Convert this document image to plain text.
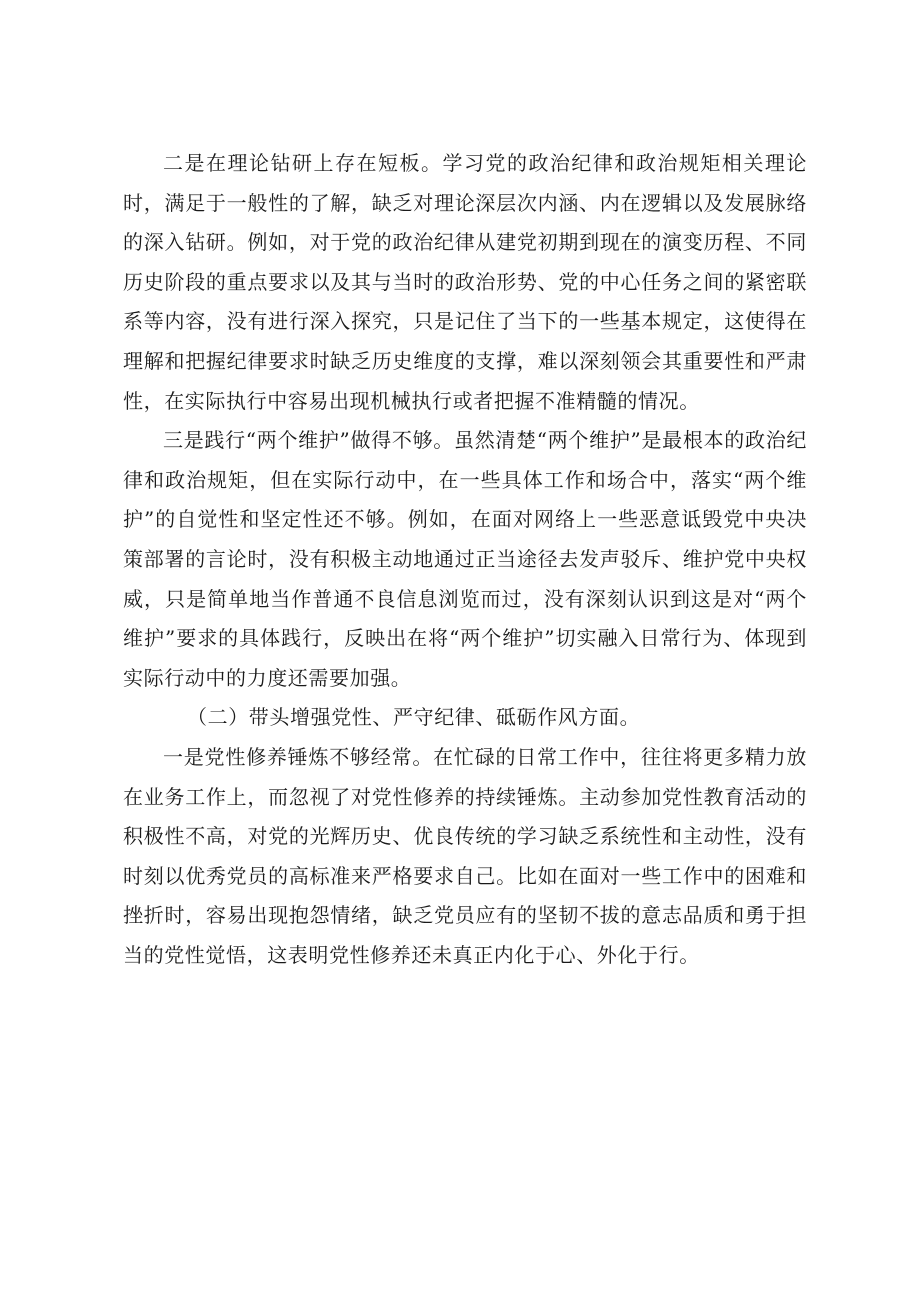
二是在理论钻研上存在短板。学习党的政治纪律和政治规矩相关理论时，满足于一般性的了解，缺乏对理论深层次内涵、内在逻辑以及发展脉络的深入钻研。例如，对于党的政治纪律从建党初期到现在的演变历程、不同历史阶段的重点要求以及其与当时的政治形势、党的中心任务之间的紧密联系等内容，没有进行深入探究，只是记住了当下的一些基本规定，这使得在理解和把握纪律要求时缺乏历史维度的支撑，难以深刻领会其重要性和严肃性，在实际执行中容易出现机械执行或者把握不准精髓的情况。

三是践行“两个维护”做得不够。虽然清楚“两个维护”是最根本的政治纪律和政治规矩，但在实际行动中，在一些具体工作和场合中，落实“两个维护”的自觉性和坚定性还不够。例如，在面对网络上一些恶意诋毁党中央决策部署的言论时，没有积极主动地通过正当途径去发声驳斥、维护党中央权威，只是简单地当作普通不良信息浏览而过，没有深刻认识到这是对“两个维护”要求的具体践行，反映出在将“两个维护”切实融入日常行为、体现到实际行动中的力度还需要加强。

（二）带头增强党性、严守纪律、砥砺作风方面。

一是党性修养锤炼不够经常。在忙碌的日常工作中，往往将更多精力放在业务工作上，而忽视了对党性修养的持续锤炼。主动参加党性教育活动的积极性不高，对党的光辉历史、优良传统的学习缺乏系统性和主动性，没有时刻以优秀党员的高标准来严格要求自己。比如在面对一些工作中的困难和挫折时，容易出现抱怨情绪，缺乏党员应有的坚韧不拔的意志品质和勇于担当的党性觉悟，这表明党性修养还未真正内化于心、外化于行。
